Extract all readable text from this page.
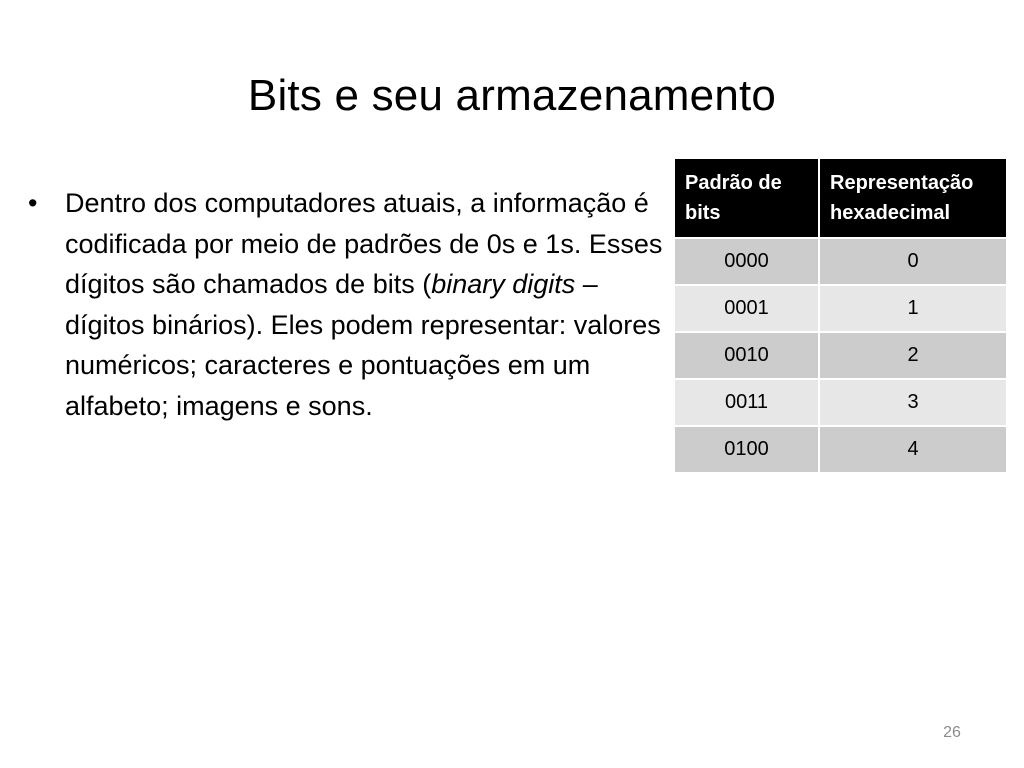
Bits e seu armazenamento
•	Dentro dos computadores atuais, a informação é codificada por meio de padrões de 0s e 1s. Esses dígitos são chamados de bits (binary digits – dígitos binários). Eles podem representar: valores numéricos; caracteres e pontuações em um alfabeto; imagens e sons.
Padrão de bits	Representação hexadecimal
0000	0
0001	1
0010	2
0011	3
0100	4
26
